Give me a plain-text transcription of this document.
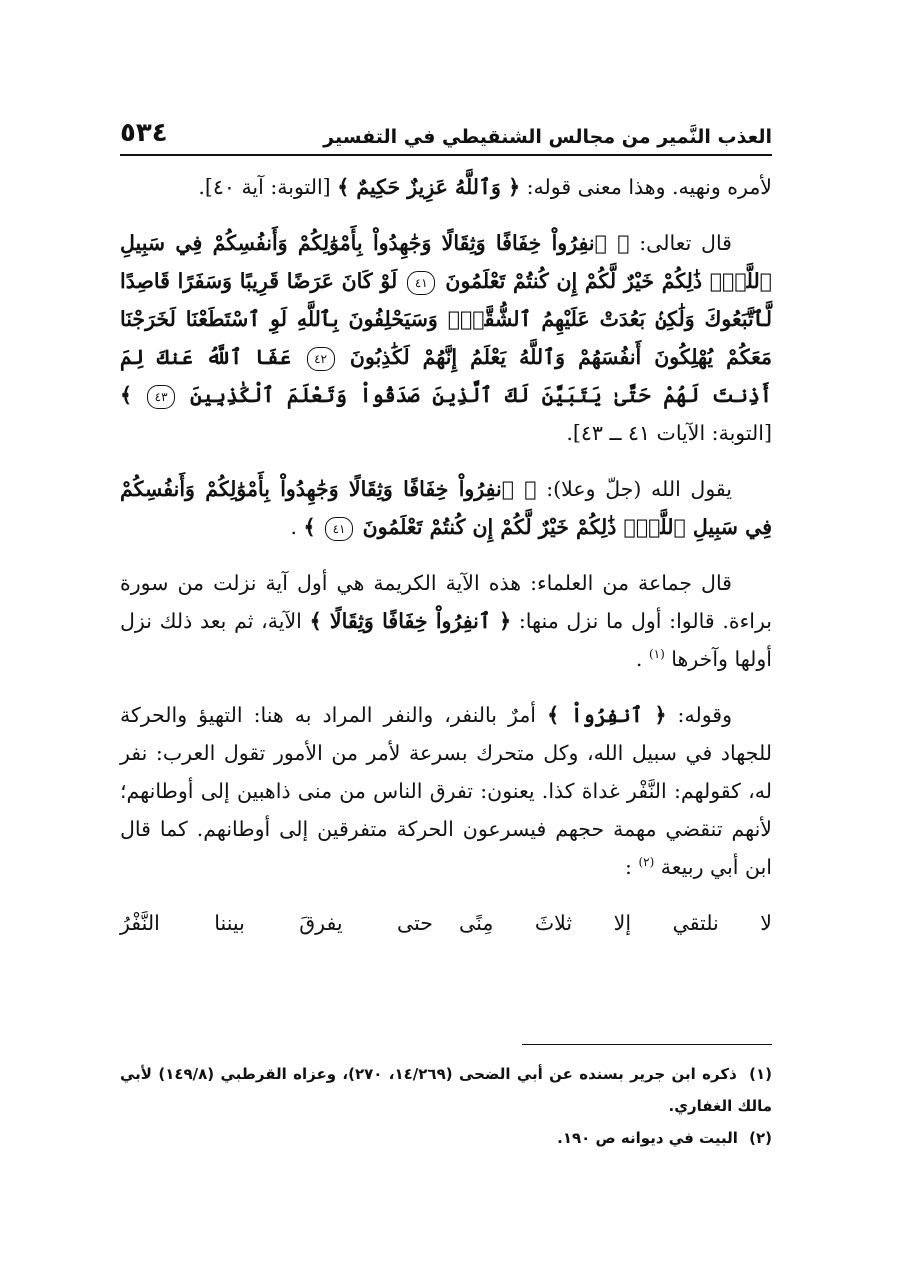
العذب النَّمير من مجالس الشنقيطي في التفسير
٥٣٤

لأمره ونهيه. وهذا معنى قوله: ﴿ وَٱللَّهُ عَزِيزٌ حَكِيمٌ ﴾ [التوبة: آية ٤٠].

قال تعالى: ﴿ ٱنفِرُواْ خِفَافًا وَثِقَالًا وَجَٰهِدُواْ بِأَمْوَٰلِكُمْ وَأَنفُسِكُمْ فِي سَبِيلِ ٱللَّهِۚ ذَٰلِكُمْ خَيْرٌ لَّكُمْ إِن كُنتُمْ تَعْلَمُونَ ٤١ لَوْ كَانَ عَرَضًا قَرِيبًا وَسَفَرًا قَاصِدًا لَّٱتَّبَعُوكَ وَلَٰكِنۢ بَعُدَتْ عَلَيْهِمُ ٱلشُّقَّةُۚ وَسَيَحْلِفُونَ بِٱللَّهِ لَوِ ٱسْتَطَعْنَا لَخَرَجْنَا مَعَكُمْ يُهْلِكُونَ أَنفُسَهُمْ وَٱللَّهُ يَعْلَمُ إِنَّهُمْ لَكَٰذِبُونَ ٤٢ عَفَا ٱللَّهُ عَنكَ لِمَ أَذِنتَ لَهُمْ حَتَّىٰ يَتَبَيَّنَ لَكَ ٱلَّذِينَ صَدَقُواْ وَتَعْلَمَ ٱلْكَٰذِبِينَ ٤٣ ﴾ [التوبة: الآيات ٤١ ــ ٤٣].

يقول الله (جلّ وعلا): ﴿ ٱنفِرُواْ خِفَافًا وَثِقَالًا وَجَٰهِدُواْ بِأَمْوَٰلِكُمْ وَأَنفُسِكُمْ فِي سَبِيلِ ٱللَّهِۚ ذَٰلِكُمْ خَيْرٌ لَّكُمْ إِن كُنتُمْ تَعْلَمُونَ ٤١ ﴾ .

قال جماعة من العلماء: هذه الآية الكريمة هي أول آية نزلت من سورة براءة. قالوا: أول ما نزل منها: ﴿ ٱنفِرُواْ خِفَافًا وَثِقَالًا ﴾ الآية، ثم بعد ذلك نزل أولها وآخرها $^{(١)}$ .

وقوله: ﴿ ٱنفِرُواْ ﴾ أمرٌ بالنفر، والنفر المراد به هنا: التهيؤ والحركة للجهاد في سبيل الله، وكل متحرك بسرعة لأمر من الأمور تقول العرب: نفر له، كقولهم: النَّفْر غداة كذا. يعنون: تفرق الناس من منى ذاهبين إلى أوطانهم؛ لأنهم تنقضي مهمة حجهم فيسرعون الحركة متفرقين إلى أوطانهم. كما قال ابن أبي ربيعة $^{(٢)}$ :

لا نلتقي إلا ثلاثَ مِنًى
حتى يفرقَ بيننا النَّفْرُ

(١) ذكره ابن جرير بسنده عن أبي الضحى (١٤/٢٦٩، ٢٧٠)، وعزاه القرطبي (١٤٩/٨) لأبي مالك الغفاري.

(٢) البيت في ديوانه ص ١٩٠.
